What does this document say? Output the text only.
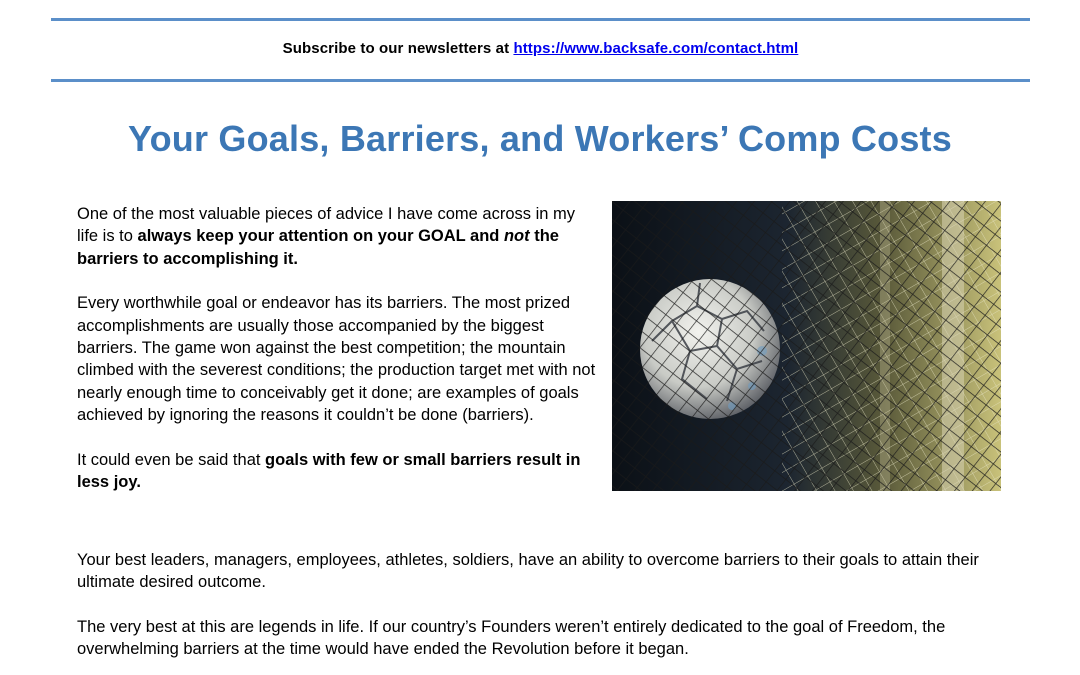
Subscribe to our newsletters at https://www.backsafe.com/contact.html
Your Goals, Barriers, and Workers’ Comp Costs

One of the most valuable pieces of advice I have come across in my life is to always keep your attention on your GOAL and not the barriers to accomplishing it.

Every worthwhile goal or endeavor has its barriers. The most prized accomplishments are usually those accompanied by the biggest barriers. The game won against the best competition; the mountain climbed with the severest conditions; the production target met with not nearly enough time to conceivably get it done; are examples of goals achieved by ignoring the reasons it couldn’t be done (barriers).

It could even be said that goals with few or small barriers result in less joy.

Your best leaders, managers, employees, athletes, soldiers, have an ability to overcome barriers to their goals to attain their ultimate desired outcome.

The very best at this are legends in life. If our country’s Founders weren’t entirely dedicated to the goal of Freedom, the overwhelming barriers at the time would have ended the Revolution before it began.
